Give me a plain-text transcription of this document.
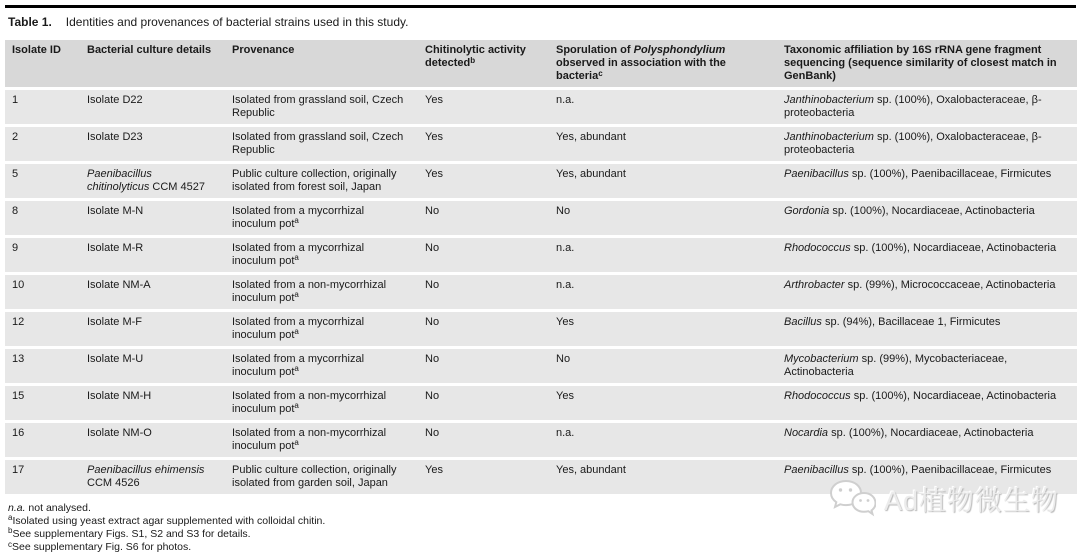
Table 1. Identities and provenances of bacterial strains used in this study.
Isolate ID	Bacterial culture details	Provenance	Chitinolytic activity detected$^b$	Sporulation of Polysphondylium observed in association with the bacteria$^c$	Taxonomic affiliation by 16S rRNA gene fragment sequencing (sequence similarity of closest match in GenBank)
1	Isolate D22	Isolated from grassland soil, Czech Republic	Yes	n.a.	Janthinobacterium sp. (100%), Oxalobacteraceae, β-proteobacteria
2	Isolate D23	Isolated from grassland soil, Czech Republic	Yes	Yes, abundant	Janthinobacterium sp. (100%), Oxalobacteraceae, β-proteobacteria
5	Paenibacillus chitinolyticus CCM 4527	Public culture collection, originally isolated from forest soil, Japan	Yes	Yes, abundant	Paenibacillus sp. (100%), Paenibacillaceae, Firmicutes
8	Isolate M-N	Isolated from a mycorrhizal inoculum pot$^a$	No	No	Gordonia sp. (100%), Nocardiaceae, Actinobacteria
9	Isolate M-R	Isolated from a mycorrhizal inoculum pot$^a$	No	n.a.	Rhodococcus sp. (100%), Nocardiaceae, Actinobacteria
10	Isolate NM-A	Isolated from a non-mycorrhizal inoculum pot$^a$	No	n.a.	Arthrobacter sp. (99%), Micrococcaceae, Actinobacteria
12	Isolate M-F	Isolated from a mycorrhizal inoculum pot$^a$	No	Yes	Bacillus sp. (94%), Bacillaceae 1, Firmicutes
13	Isolate M-U	Isolated from a mycorrhizal inoculum pot$^a$	No	No	Mycobacterium sp. (99%), Mycobacteriaceae, Actinobacteria
15	Isolate NM-H	Isolated from a non-mycorrhizal inoculum pot$^a$	No	Yes	Rhodococcus sp. (100%), Nocardiaceae, Actinobacteria
16	Isolate NM-O	Isolated from a non-mycorrhizal inoculum pot$^a$	No	n.a.	Nocardia sp. (100%), Nocardiaceae, Actinobacteria
17	Paenibacillus ehimensis CCM 4526	Public culture collection, originally isolated from garden soil, Japan	Yes	Yes, abundant	Paenibacillus sp. (100%), Paenibacillaceae, Firmicutes
n.a. not analysed.
$^a$Isolated using yeast extract agar supplemented with colloidal chitin.
$^b$See supplementary Figs. S1, S2 and S3 for details.
$^c$See supplementary Fig. S6 for photos.
Ad植物微生物
